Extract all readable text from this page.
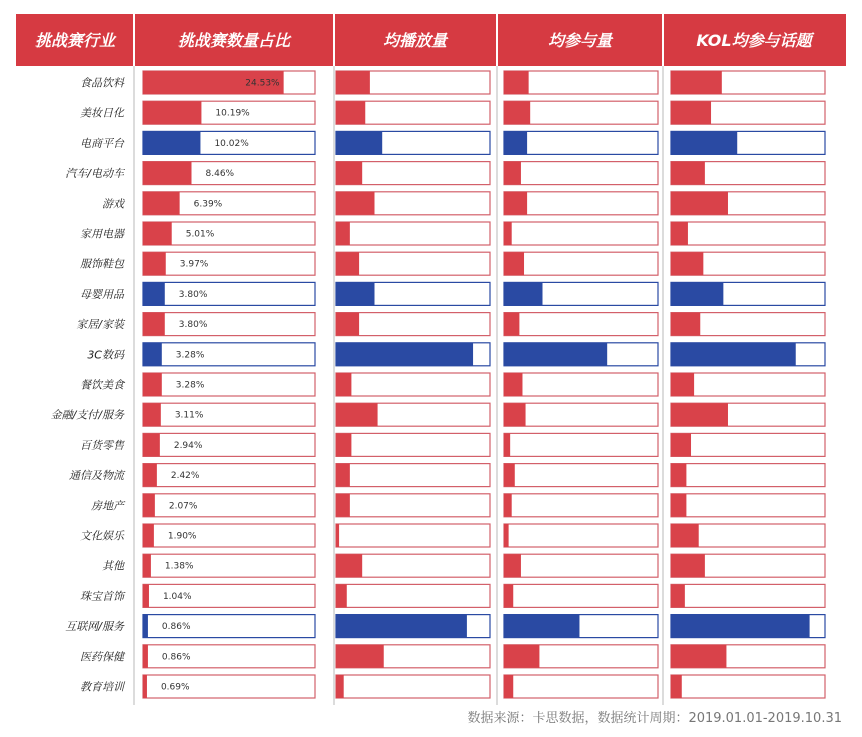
挑战赛行业	挑战赛数量占比	均播放量	均参与量	KOL均参与话题
食品饮料	24.53%
美妆日化	10.19%
电商平台	10.02%
汽车/电动车	8.46%
游戏	6.39%
家用电器	5.01%
服饰鞋包	3.97%
母婴用品	3.80%
家居/家装	3.80%
3C数码	3.28%
餐饮美食	3.28%
金融/支付/服务	3.11%
百货零售	2.94%
通信及物流	2.42%
房地产	2.07%
文化娱乐	1.90%
其他	1.38%
珠宝首饰	1.04%
互联网/服务	0.86%
医药保健	0.86%
教育培训	0.69%
数据来源：卡思数据，数据统计周期：2019.01.01-2019.10.31
